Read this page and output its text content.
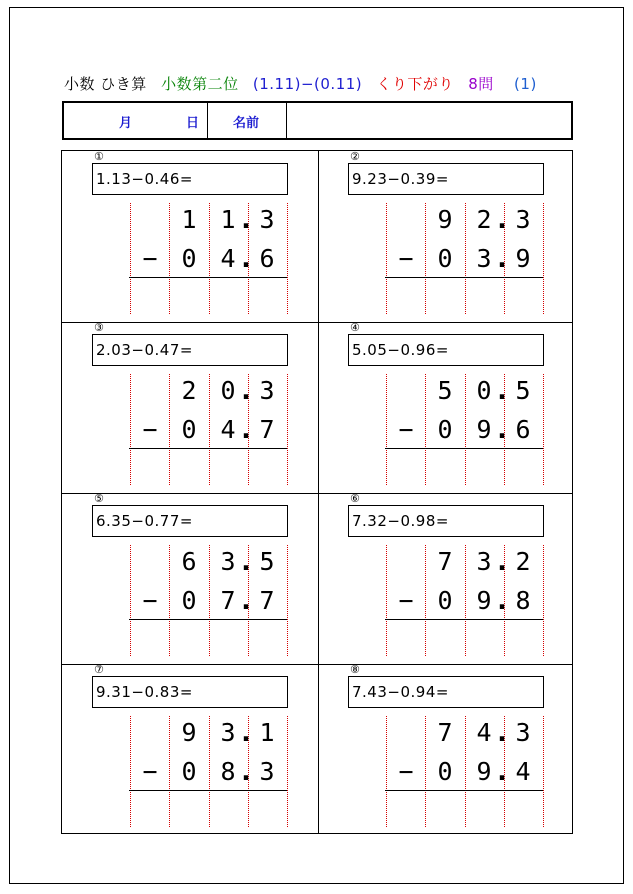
小数 ひき算 小数第二位 (1.11)−(0.11) くり下がり 8問 (1)
月	日	名前
①
1.13−0.46=
1 1 3
.
− 0 4 6
.
②
9.23−0.39=
9 2 3
.
− 0 3 9
.
③
2.03−0.47=
2 0 3
.
− 0 4 7
.
④
5.05−0.96=
5 0 5
.
− 0 9 6
.
⑤
6.35−0.77=
6 3 5
.
− 0 7 7
.
⑥
7.32−0.98=
7 3 2
.
− 0 9 8
.
⑦
9.31−0.83=
9 3 1
.
− 0 8 3
.
⑧
7.43−0.94=
7 4 3
.
− 0 9 4
.
